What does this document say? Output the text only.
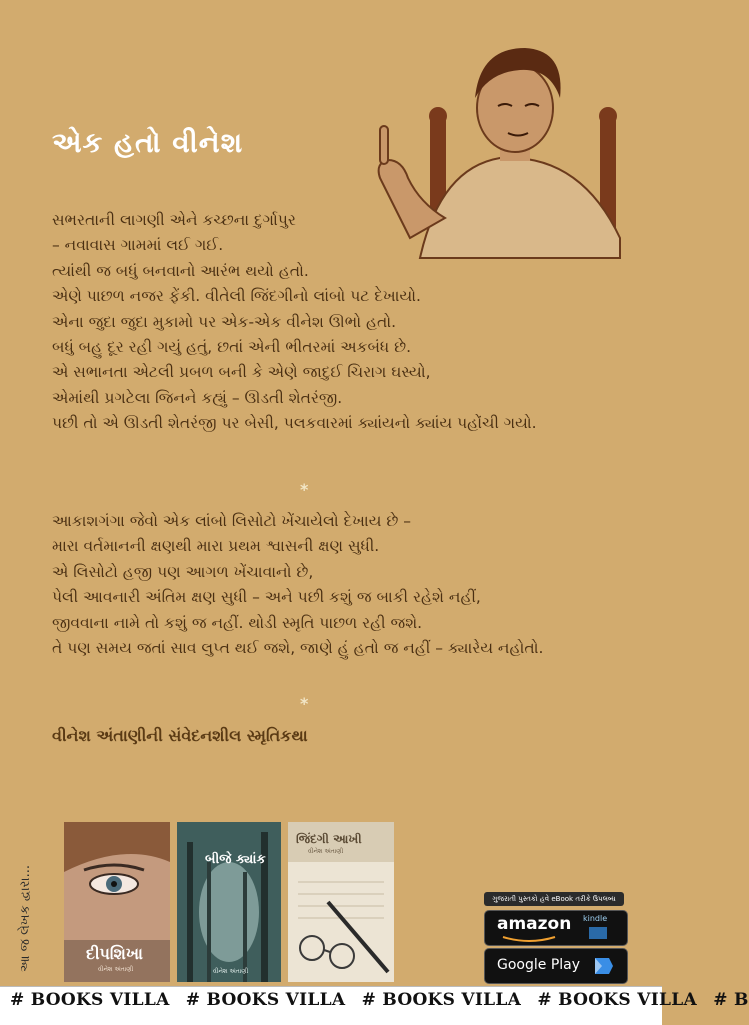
એક હતો વીનેશ

સભરતાની લાગણી એને કચ્છના દુર્ગાપુર

– નવાવાસ ગામમાં લઈ ગઈ.

ત્યાંથી જ બધું બનવાનો આરંભ થયો હતો.

એણે પાછળ નજર ફેંકી. વીતેલી જિંદગીનો લાંબો પટ દેખાયો.

એના જુદા જુદા મુકામો પર એક-એક વીનેશ ઊભો હતો.

બધું બહુ દૂર રહી ગયું હતું, છતાં એની ભીતરમાં અકબંધ છે.

એ સભાનતા એટલી પ્રબળ બની કે એણે જાદુઈ ચિરાગ ઘસ્યો,

એમાંથી પ્રગટેલા જિનને કહ્યું – ઊડતી શેતરંજી.

પછી તો એ ઊડતી શેતરંજી પર બેસી, પલકવારમાં ક્યાંયનો ક્યાંય પહોંચી ગયો.

*

આકાશગંગા જેવો એક લાંબો લિસોટો ખેંચાયેલો દેખાય છે –

મારા વર્તમાનની ક્ષણથી મારા પ્રથમ શ્વાસની ક્ષણ સુધી.

એ લિસોટો હજી પણ આગળ ખેંચાવાનો છે,

પેલી આવનારી અંતિમ ક્ષણ સુધી – અને પછી કશું જ બાકી રહેશે નહીં,

જીવવાના નામે તો કશું જ નહીં. થોડી સ્મૃતિ પાછળ રહી જશે.

તે પણ સમય જતાં સાવ લુપ્ત થઈ જશે, જાણે હું હતો જ નહીં – ક્યારેય નહોતો.

*
વીનેશ અંતાણીની સંવેદનશીલ સ્મૃતિકથા
આ જ લેખક દ્વારા...	દીપશિખા
વીનેશ અંતાણી
બીજે ક્યાંક
વીનેશ અંતાણી
જિંદગી આખી
વીનેશ અંતાણી
ગુજરાતી પુસ્તકો હવે eBook તરીકે ઉપલબ્ધ
amazon kindle
Google Play
# BOOKS VILLA # BOOKS VILLA # BOOKS VILLA # BOOKS VILLA # B
